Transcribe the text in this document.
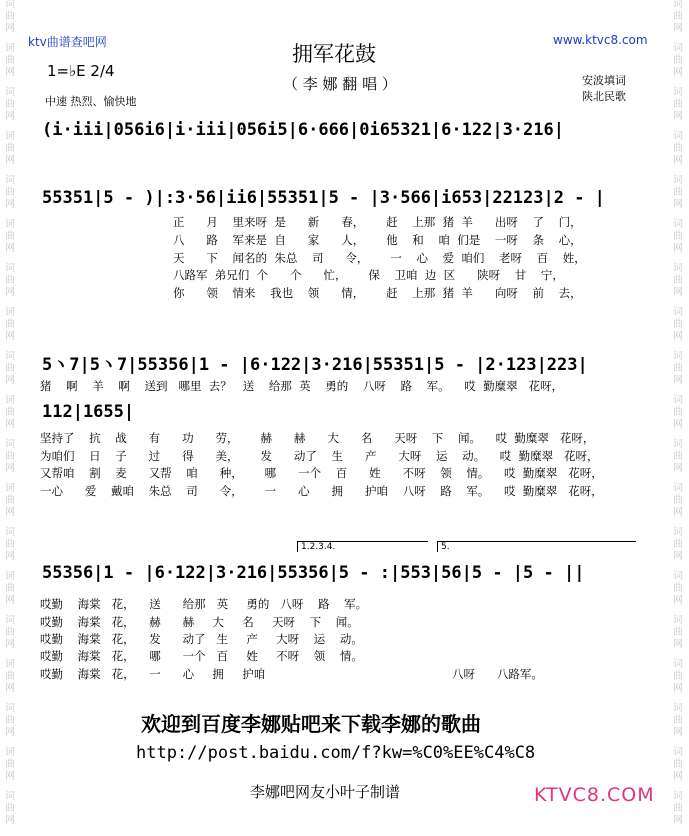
词
曲
网
词
曲
网
词
曲
网
词
曲
网
词
曲
网
词
曲
网
词
曲
网
词
曲
网
词
曲
网
词
曲
网
词
曲
网
词
曲
网
词
曲
网
词
曲
网
词
曲
网
词
曲
网
词
曲
网
词
曲
网
词
曲
网
词
曲
网
词
曲
网
词
曲
网
词
曲
网
词
曲
网
词
曲
网
词
曲
网
词
曲
网
词
曲
网
词
曲
网
词
曲
网
词
曲
网
词
曲
网
词
曲
网
词
曲
网
词
曲
网
词
曲
网
词
曲
网
词
曲
网
ktv曲谱查吧网	www.ktvc8.com
拥军花鼓
（ 李 娜 翻 唱 ）
1=♭E 2/4
中速 热烈、愉快地
安波填词
陕北民歌
(i·iii|056i6|i·iii|056i5|6·666|0i65321|6·122|3·216|
55351|5 - )|:3·56|ii6|55351|5 - |3·566|i653|22123|2 - |
正      月    里来呀  是      新      春，      赶    上那  猪  羊      出呀    了    门，
八      路    军来是  自      家      人，      他    和    咱  们是    一呀    条    心，
天      下    闻名的  朱总    司      令，      一    心    爱  咱们    老呀    百    姓，
八路军  弟兄们  个      个      忙，      保    卫咱  边  区      陕呀    甘    宁，
你      领    情来    我也    领      情，      赶    上那  猪  羊      向呀    前    去，
5ヽ7|5ヽ7|55356|1 - |6·122|3·216|55351|5 - |2·123|223|
猪    啊    羊    啊    送到   哪里  去？   送    给那  英    勇的    八呀    路    军。    哎  勤糜翠   花呀，
112|1655|
坚持了    抗    战      有      功      劳，      赫      赫      大      名      天呀    下    闻。    哎  勤糜翠   花呀，
为咱们    日    子      过      得      美，      发      动了    生      产      大呀    运    动。    哎  勤糜翠   花呀，
又帮咱    割    麦      又帮    咱      种，      哪      一个    百      姓      不呀    领    情。    哎  勤糜翠   花呀，
一心      爱    戴咱    朱总    司      令，      一      心      拥      护咱    八呀    路    军。    哎  勤糜翠   花呀，
1.2.3.4.	5.
55356|1 - |6·122|3·216|55356|5 - :|553|56|5 - |5 - ||
哎勤    海棠   花，    送      给那   英     勇的   八呀    路    军。
哎勤    海棠   花，    赫      赫     大     名     天呀    下    闻。
哎勤    海棠   花，    发      动了   生     产     大呀    运    动。
哎勤    海棠   花，    哪      一个   百     姓     不呀    领    情。
哎勤    海棠   花，    一      心     拥     护咱	八呀      八路军。
欢迎到百度李娜贴吧来下载李娜的歌曲
http://post.baidu.com/f?kw=%C0%EE%C4%C8
李娜吧网友小叶子制谱	KTVC8.COM
